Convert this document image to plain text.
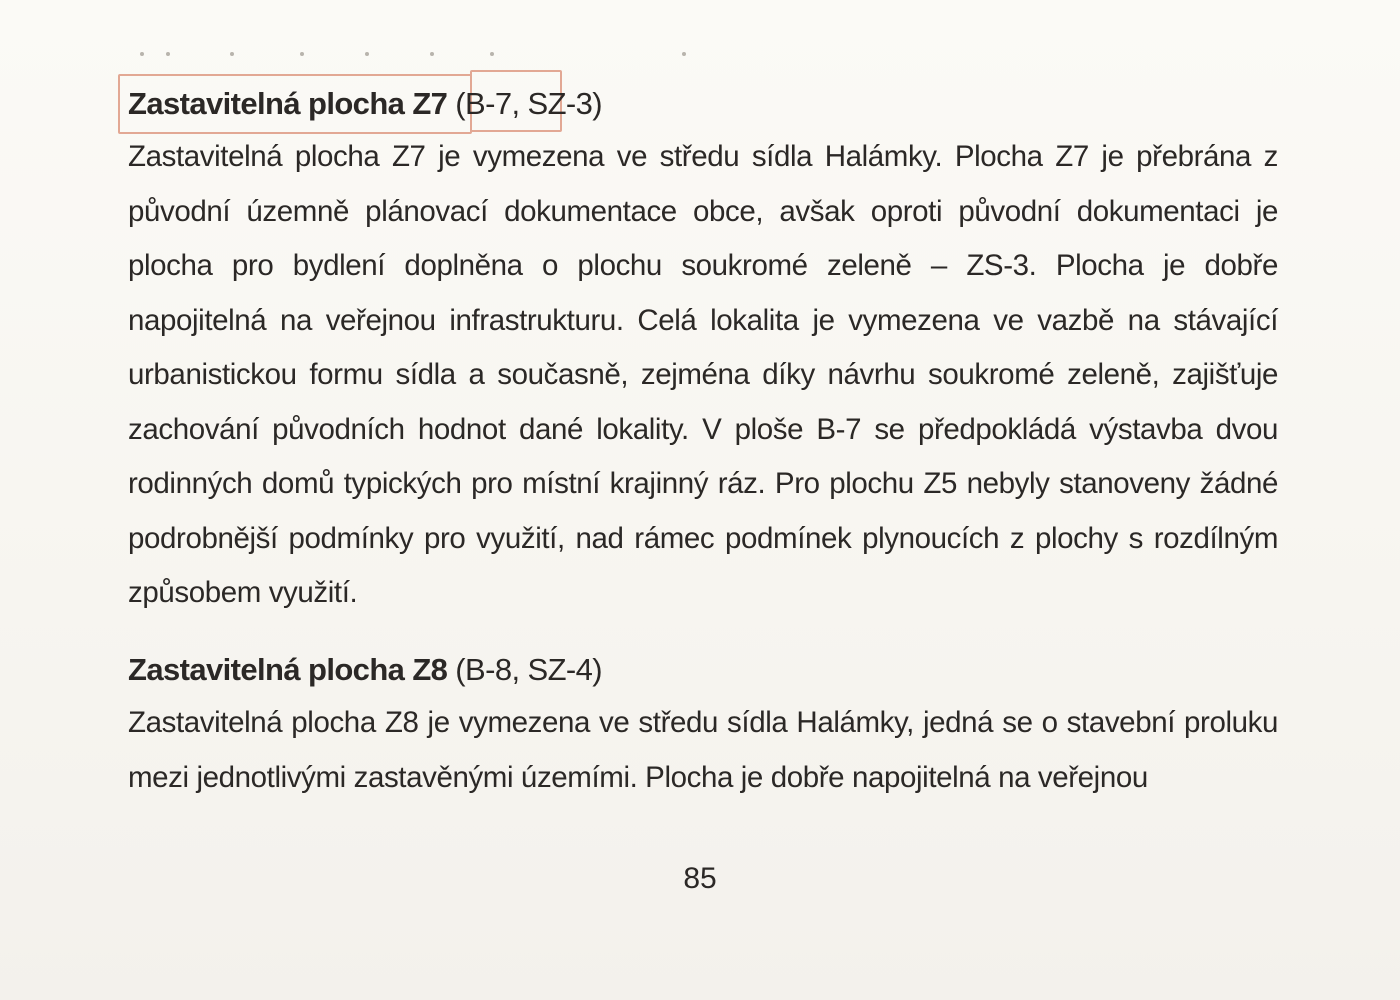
Zastavitelná plocha Z7 (B-7, SZ-3)

Zastavitelná plocha Z7 je vymezena ve středu sídla Halámky. Plocha Z7 je přebrána z původní územně plánovací dokumentace obce, avšak oproti původní dokumentaci je plocha pro bydlení doplněna o plochu soukromé zeleně – ZS-3. Plocha je dobře napojitelná na veřejnou infrastrukturu. Celá lokalita je vymezena ve vazbě na stávající urbanistickou formu sídla a současně, zejména díky návrhu soukromé zeleně, zajišťuje zachování původních hodnot dané lokality. V ploše B-7 se předpokládá výstavba dvou rodinných domů typických pro místní krajinný ráz. Pro plochu Z5 nebyly stanoveny žádné podrobnější podmínky pro využití, nad rámec podmínek plynoucích z plochy s rozdílným způsobem využití.

Zastavitelná plocha Z8 (B-8, SZ-4)

Zastavitelná plocha Z8 je vymezena ve středu sídla Halámky, jedná se o stavební proluku mezi jednotlivými zastavěnými územími. Plocha je dobře napojitelná na veřejnou

85
